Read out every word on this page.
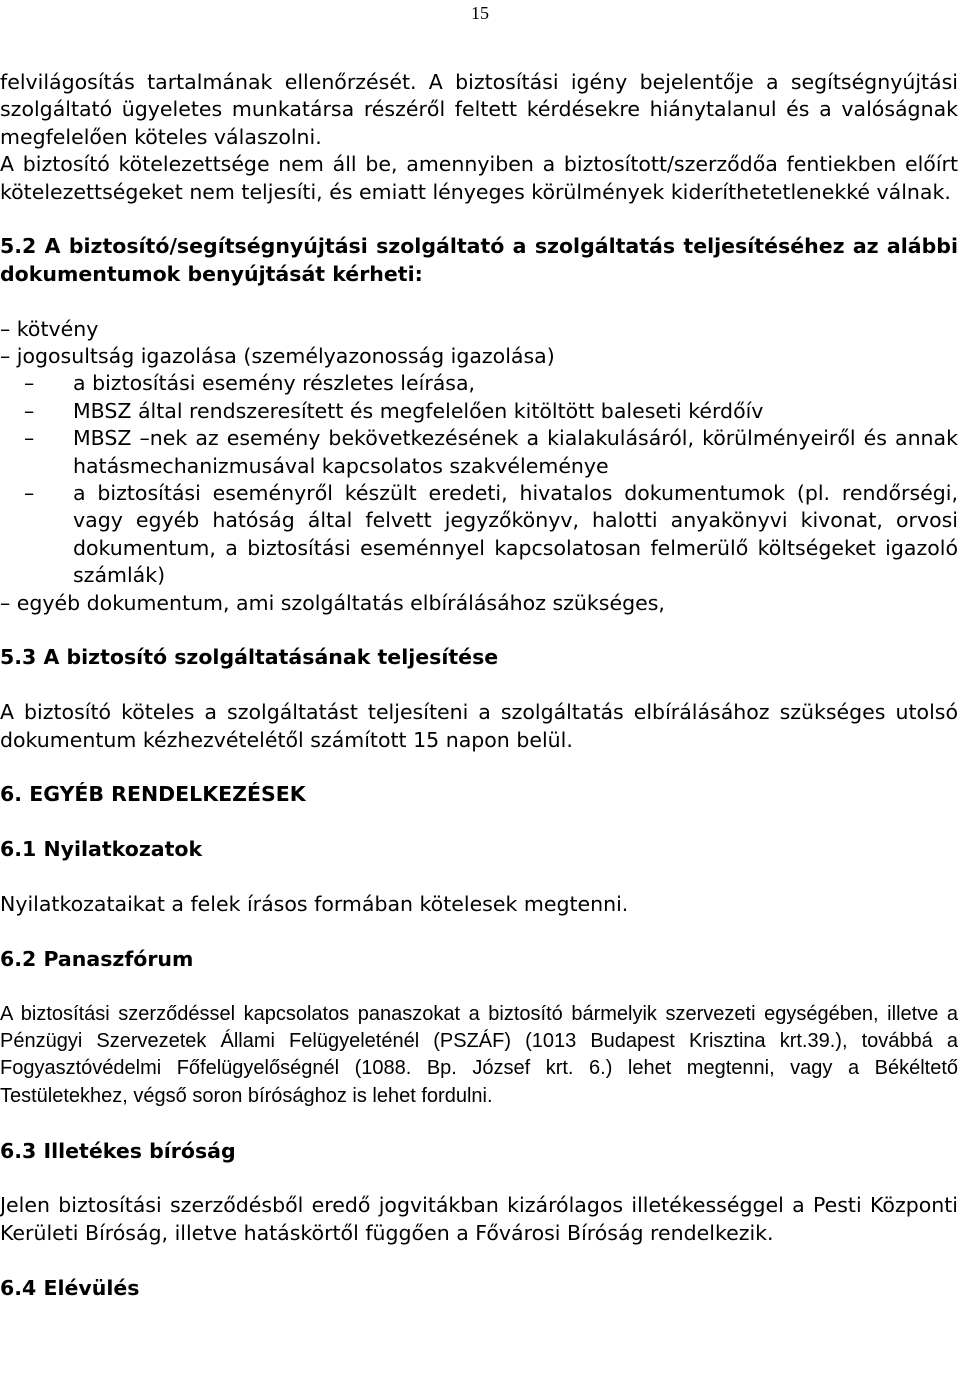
15

felvilágosítás tartalmának ellenőrzését. A biztosítási igény bejelentője a segítségnyújtási szolgáltató ügyeletes munkatársa részéről feltett kérdésekre hiánytalanul és a valóságnak megfelelően köteles válaszolni.

A biztosító kötelezettsége nem áll be, amennyiben a biztosított/szerződőa fentiekben előírt kötelezettségeket nem teljesíti, és emiatt lényeges körülmények kideríthetetlenekké válnak.

5.2 A biztosító/segítségnyújtási szolgáltató a szolgáltatás teljesítéséhez az alábbi dokumentumok benyújtását kérheti:

– kötvény

– jogosultság igazolása (személyazonosság igazolása)

– a biztosítási esemény részletes leírása,
– MBSZ által rendszeresített és megfelelően kitöltött baleseti kérdőív
– MBSZ –nek az esemény bekövetkezésének a kialakulásáról, körülményeiről és annak hatásmechanizmusával kapcsolatos szakvéleménye
– a biztosítási eseményről készült eredeti, hivatalos dokumentumok (pl. rendőrségi, vagy egyéb hatóság által felvett jegyzőkönyv, halotti anyakönyvi kivonat, orvosi dokumentum, a biztosítási eseménnyel kapcsolatosan felmerülő költségeket igazoló számlák)

– egyéb dokumentum, ami szolgáltatás elbírálásához szükséges,

5.3 A biztosító szolgáltatásának teljesítése

A biztosító köteles a szolgáltatást teljesíteni a szolgáltatás elbírálásához szükséges utolsó dokumentum kézhezvételétől számított 15 napon belül.

6. EGYÉB RENDELKEZÉSEK

6.1 Nyilatkozatok

Nyilatkozataikat a felek írásos formában kötelesek megtenni.

6.2 Panaszfórum

A biztosítási szerződéssel kapcsolatos panaszokat a biztosító bármelyik szervezeti egységében, illetve a Pénzügyi Szervezetek Állami Felügyeleténél (PSZÁF) (1013 Budapest Krisztina krt.39.), továbbá a Fogyasztóvédelmi Főfelügyelőségnél (1088. Bp. József krt. 6.) lehet megtenni, vagy a Békéltető Testületekhez, végső soron bírósághoz is lehet fordulni.

6.3 Illetékes bíróság

Jelen biztosítási szerződésből eredő jogvitákban kizárólagos illetékességgel a Pesti Központi Kerületi Bíróság, illetve hatáskörtől függően a Fővárosi Bíróság rendelkezik.

6.4 Elévülés
